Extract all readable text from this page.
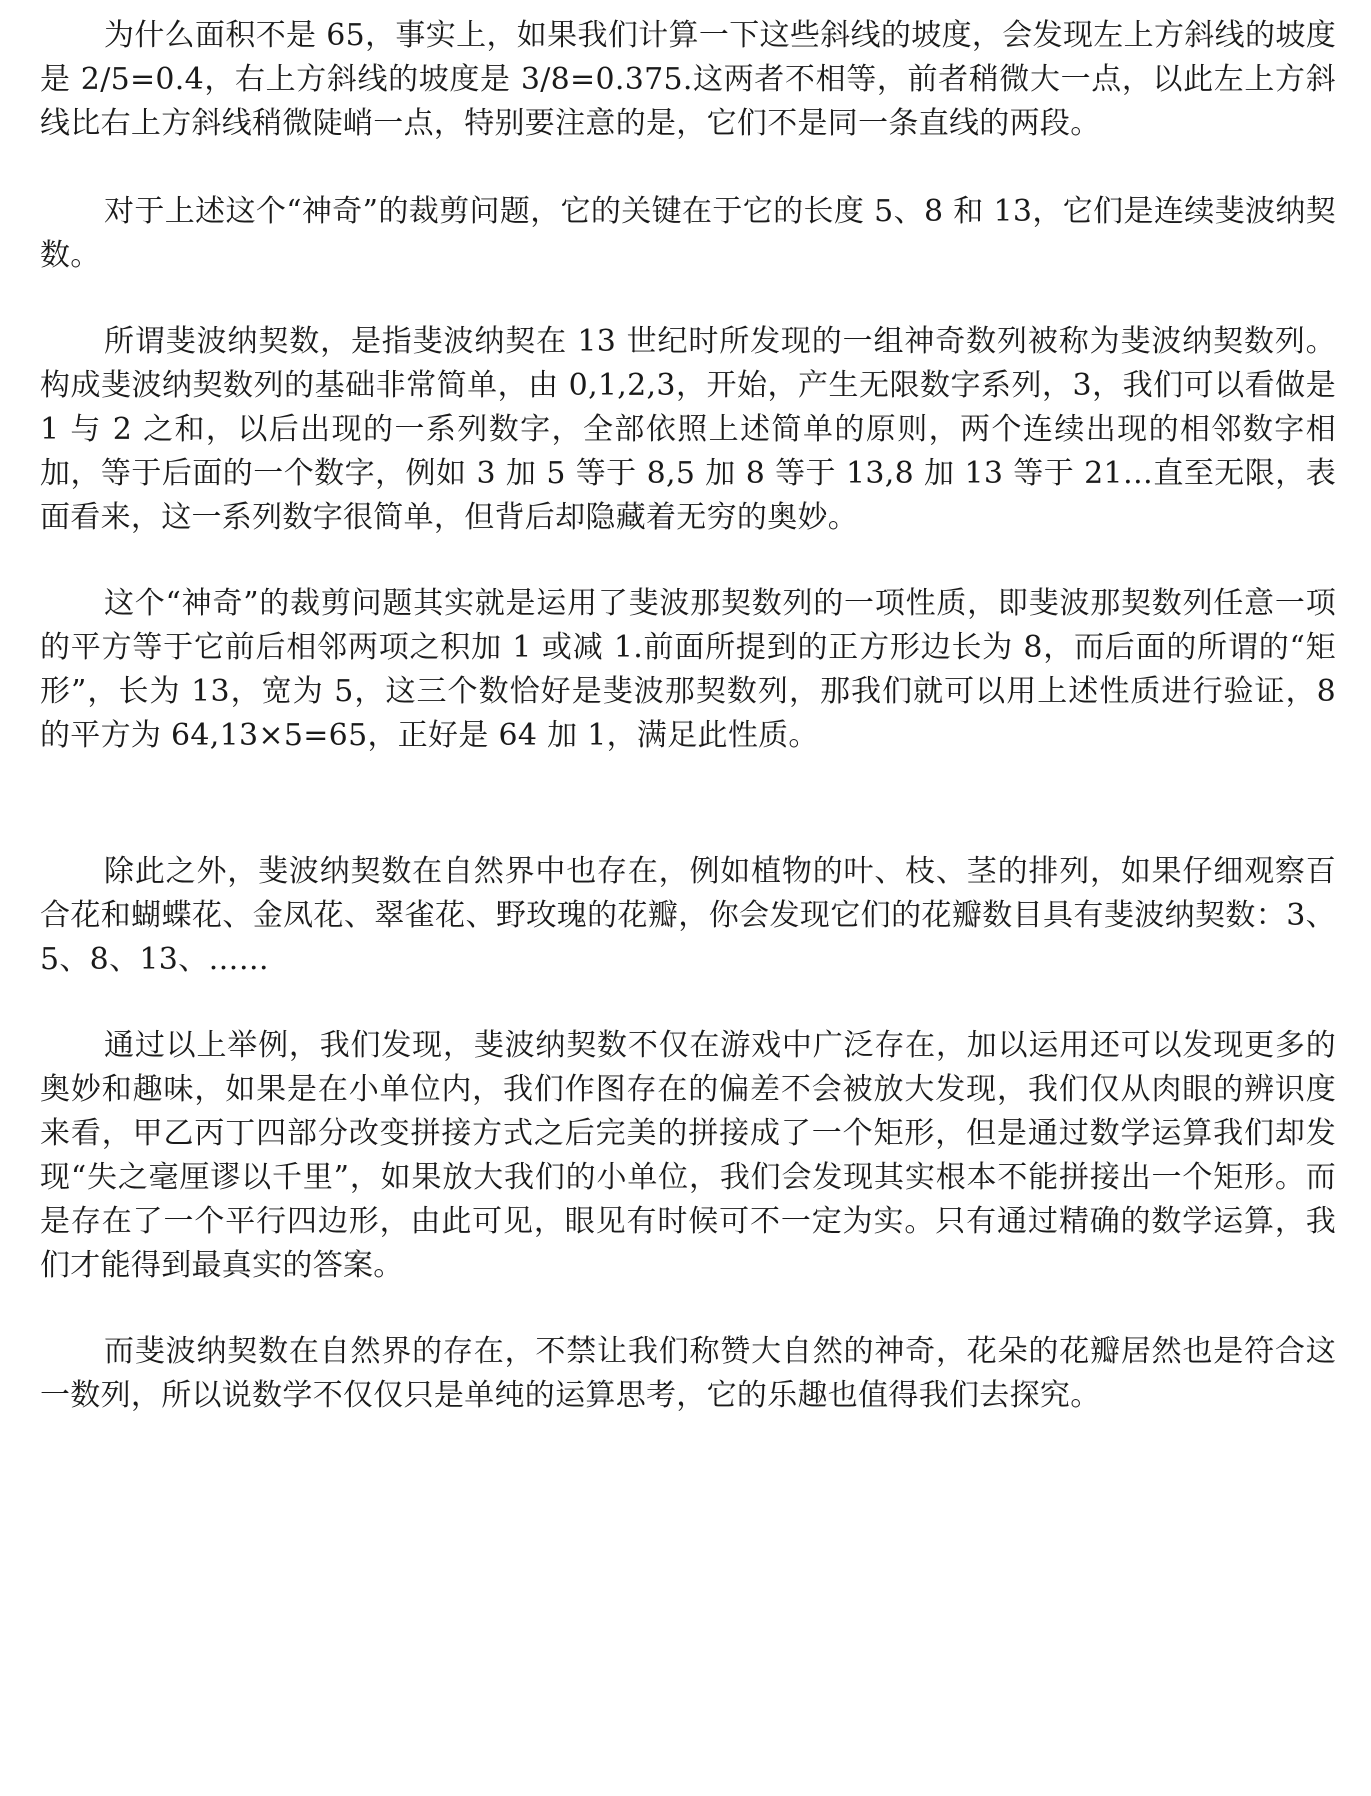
为什么面积不是 65，事实上，如果我们计算一下这些斜线的坡度，会发现左上方斜线的坡度是 2/5=0.4，右上方斜线的坡度是 3/8=0.375.这两者不相等，前者稍微大一点，以此左上方斜线比右上方斜线稍微陡峭一点，特别要注意的是，它们不是同一条直线的两段。

对于上述这个“神奇”的裁剪问题，它的关键在于它的长度 5、8 和 13，它们是连续斐波纳契数。

所谓斐波纳契数，是指斐波纳契在 13 世纪时所发现的一组神奇数列被称为斐波纳契数列。构成斐波纳契数列的基础非常简单，由 0,1,2,3，开始，产生无限数字系列，3，我们可以看做是 1 与 2 之和，以后出现的一系列数字，全部依照上述简单的原则，两个连续出现的相邻数字相加，等于后面的一个数字，例如 3 加 5 等于 8,5 加 8 等于 13,8 加 13 等于 21…直至无限，表面看来，这一系列数字很简单，但背后却隐藏着无穷的奥妙。

这个“神奇”的裁剪问题其实就是运用了斐波那契数列的一项性质，即斐波那契数列任意一项的平方等于它前后相邻两项之积加 1 或减 1.前面所提到的正方形边长为 8，而后面的所谓的“矩形”，长为 13，宽为 5，这三个数恰好是斐波那契数列，那我们就可以用上述性质进行验证，8 的平方为 64,13×5=65，正好是 64 加 1，满足此性质。

除此之外，斐波纳契数在自然界中也存在，例如植物的叶、枝、茎的排列，如果仔细观察百合花和蝴蝶花、金凤花、翠雀花、野玫瑰的花瓣，你会发现它们的花瓣数目具有斐波纳契数：3、5、8、13、……

通过以上举例，我们发现，斐波纳契数不仅在游戏中广泛存在，加以运用还可以发现更多的奥妙和趣味，如果是在小单位内，我们作图存在的偏差不会被放大发现，我们仅从肉眼的辨识度来看，甲乙丙丁四部分改变拼接方式之后完美的拼接成了一个矩形，但是通过数学运算我们却发现“失之毫厘谬以千里”，如果放大我们的小单位，我们会发现其实根本不能拼接出一个矩形。而是存在了一个平行四边形，由此可见，眼见有时候可不一定为实。只有通过精确的数学运算，我们才能得到最真实的答案。

而斐波纳契数在自然界的存在，不禁让我们称赞大自然的神奇，花朵的花瓣居然也是符合这一数列，所以说数学不仅仅只是单纯的运算思考，它的乐趣也值得我们去探究。
